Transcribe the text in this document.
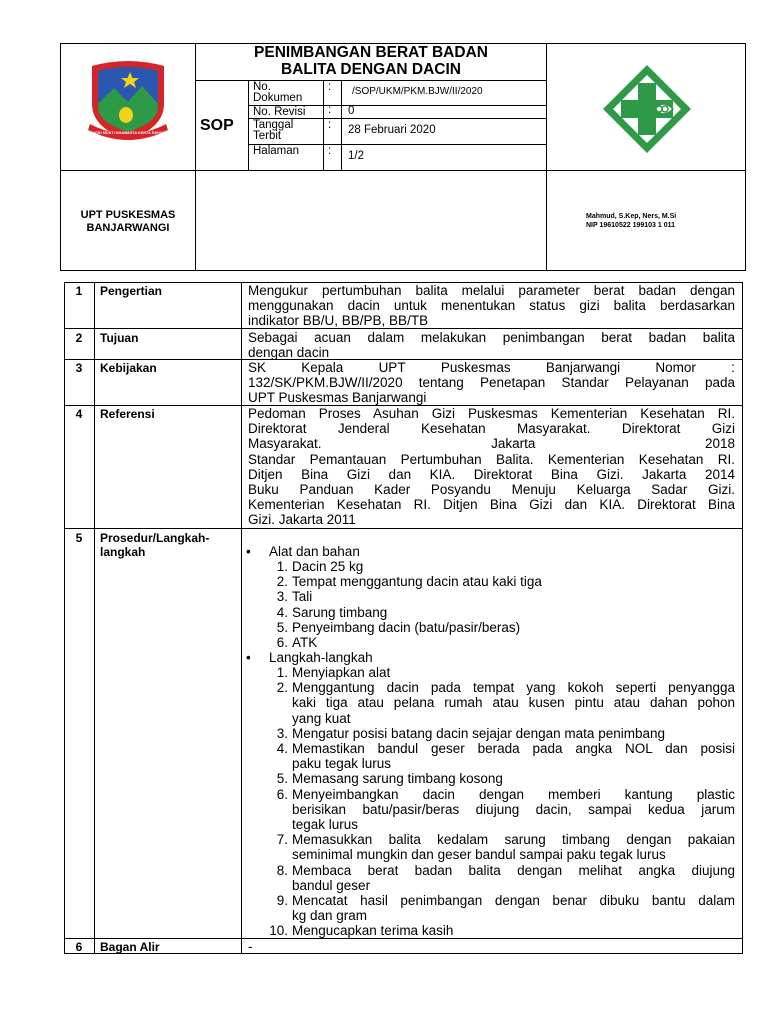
SUGIH MUKTI NGAWASTA KERTA RAHARJA
PENIMBANGAN BERAT BADAN
BALITA DENGAN DACIN
SOP
No.
Dokumen
: /SOP/UKM/PKM.BJW/II/2020
No. Revisi : 0
Tanggal
Terbit
: 28 Februari 2020
Halaman	: 1/2
UPT PUSKESMAS
BANJARWANGI
Mahmud, S.Kep, Ners, M.Si
NIP 19610522 199103 1 011
1	Pengertian	Mengukur pertumbuhan balita melalui parameter berat badan dengan
menggunakan dacin untuk menentukan status gizi balita berdasarkan
indikator BB/U, BB/PB, BB/TB
2	Tujuan	Sebagai acuan dalam melakukan penimbangan berat badan balita
dengan dacin
3	Kebijakan	SK	Kepala	UPT	Puskesmas	Banjarwangi	Nomor	:
132/SK/PKM.BJW/II/2020 tentang Penetapan Standar Pelayanan pada
UPT Puskesmas Banjarwangi
4	Referensi	Pedoman Proses Asuhan Gizi Puskesmas Kementerian Kesehatan RI.
Direktorat Jenderal Kesehatan Masyarakat. Direktorat Gizi
Masyarakat. Jakarta 2018
Standar Pemantauan Pertumbuhan Balita. Kementerian Kesehatan RI.
Ditjen Bina Gizi dan KIA. Direktorat Bina Gizi. Jakarta 2014
Buku Panduan Kader Posyandu Menuju Keluarga Sadar Gizi.
Kementerian Kesehatan RI. Ditjen Bina Gizi dan KIA. Direktorat Bina
Gizi. Jakarta 2011
5	Prosedur/Langkah-
langkah	• Alat dan bahan
1. Dacin 25 kg
2. Tempat menggantung dacin atau kaki tiga
3. Tali
4. Sarung timbang
5. Penyeimbang dacin (batu/pasir/beras)
6. ATK
• Langkah-langkah
1. Menyiapkan alat
2. Menggantung dacin pada tempat yang kokoh seperti penyangga
kaki tiga atau pelana rumah atau kusen pintu atau dahan pohon
yang kuat
3. Mengatur posisi batang dacin sejajar dengan mata penimbang
4. Memastikan bandul geser berada pada angka NOL dan posisi
paku tegak lurus
5. Memasang sarung timbang kosong
6. Menyeimbangkan dacin dengan memberi kantung plastic
berisikan batu/pasir/beras diujung dacin, sampai kedua jarum
tegak lurus
7. Memasukkan balita kedalam sarung timbang dengan pakaian
seminimal mungkin dan geser bandul sampai paku tegak lurus
8. Membaca berat badan balita dengan melihat angka diujung
bandul geser
9. Mencatat hasil penimbangan dengan benar dibuku bantu dalam
kg dan gram
10. Mengucapkan terima kasih
6	Bagan Alir	-
